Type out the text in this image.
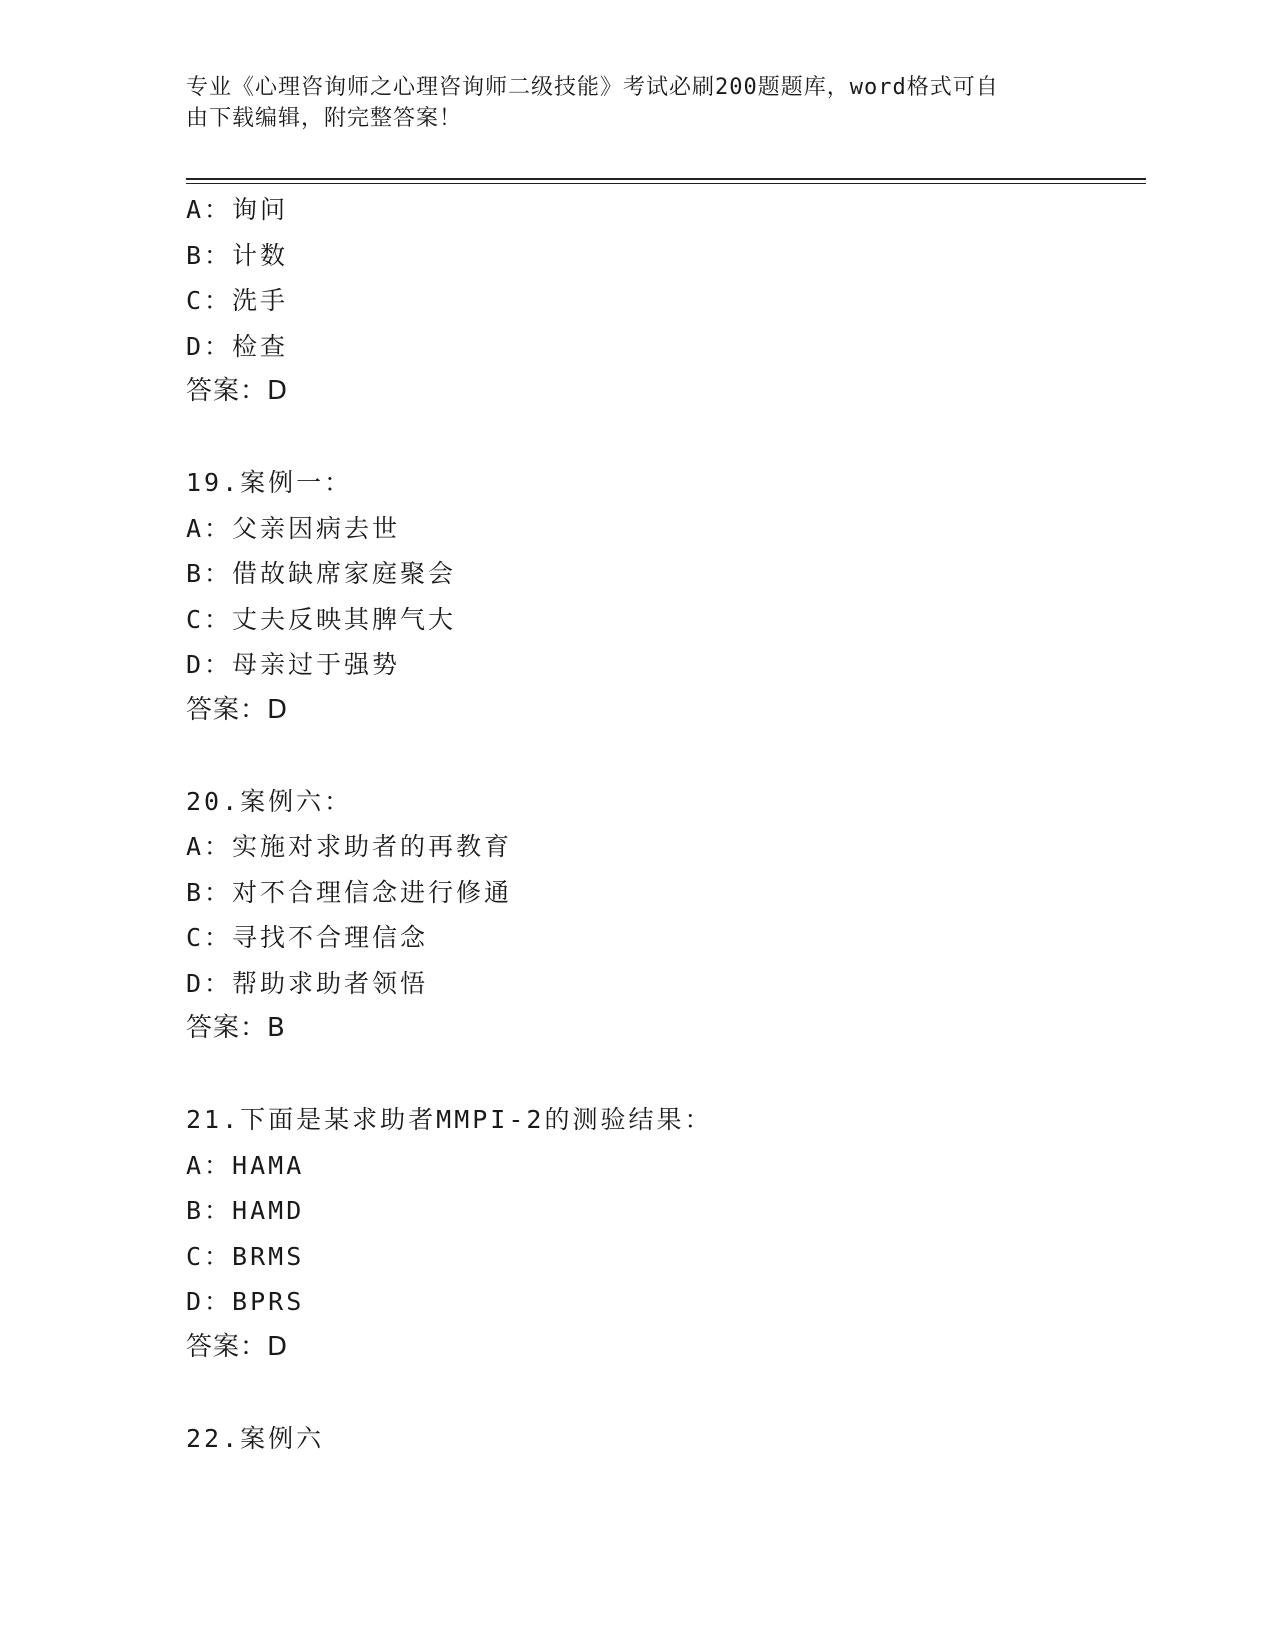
专业《心理咨询师之心理咨询师二级技能》考试必刷200题题库，word格式可自
由下载编辑，附完整答案！
A：询问
B：计数
C：洗手
D：检查
答案：D
19.案例一：
A：父亲因病去世
B：借故缺席家庭聚会
C：丈夫反映其脾气大
D：母亲过于强势
答案：D
20.案例六：
A：实施对求助者的再教育
B：对不合理信念进行修通
C：寻找不合理信念
D：帮助求助者领悟
答案：B
21.下面是某求助者MMPI-2的测验结果：
A：HAMA
B：HAMD
C：BRMS
D：BPRS
答案：D
22.案例六
